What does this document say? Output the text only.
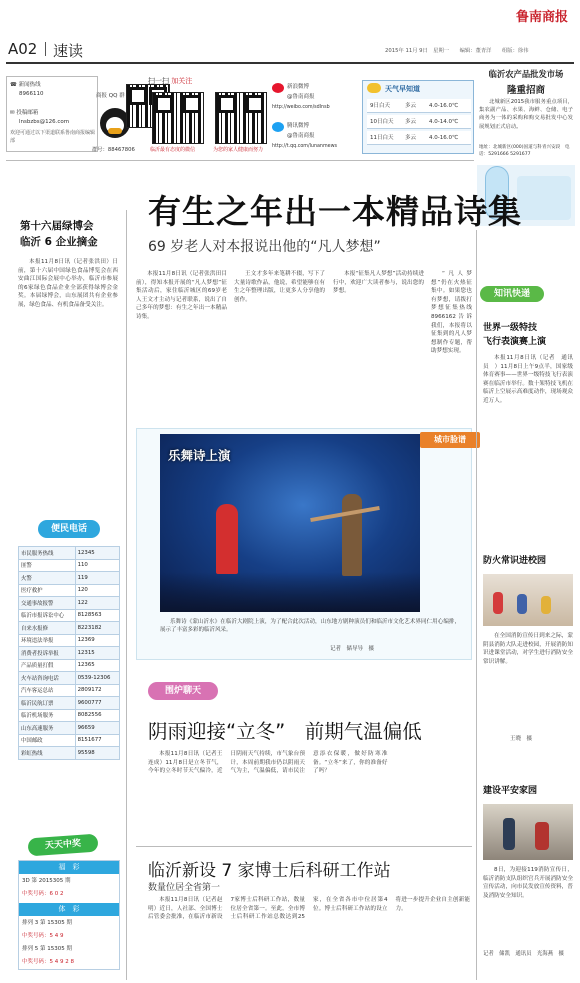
鲁南商报
A02 速读	2015年 11月 9日　星期一　　编辑：董青洋　　组版：徐伟
☎ 新闻热线
8966110
✉ 投稿邮箱
lnsbzbs@126.com
欢迎可通过以下渠道联系鲁南商报编辑部
商报 QQ 群
群号：88467806
扫一扫 加关注
临沂最有态度的微信	为您的家人健康而努力
新浪微博
@鲁南商报
http://weibo.com/sdlnsb
腾讯微博
@鲁南商报
http://t.qq.com/lunanmews
天气早知道
9日白天	多云 4.0-16.0℃
10日白天 多云 4.0-14.0℃
11日白天 多云 4.0-16.0℃
临沂农产品批发市场
隆重招商
北城新区2015我市服务重点项目，集农副产品、水果、海鲜、仓储、电子商务为一体的采购和购交易批发中心发展规划正式启动。
地址：北城新区(000)国道与科青兴安段　电话：5291666 5291677
有生之年出一本精品诗集
69 岁老人对本报说出他的“凡人梦想”
本报11月8日讯（记者张洪田目前），得知本报开展的“凡人梦想”征集活动后，家住临沂城区的69岁老人王文才主动与记者联系，说出了自己多年的梦想：有生之年出一本精品诗集。
王文才多年来笔耕不辍，写下了大量诗歌作品，他说，希望能够在有生之年整理出版，让更多人分享他的创作。
本报“征集凡人梦想”活动持续进行中，欢迎广大读者参与，说出您的梦想。
“凡人梦想”仍在火热征集中。如果您也有梦想，请拨打梦想征集热线8966162告诉我们，本报将以征集到的凡人梦想制作专题，帮助梦想实现。
第十六届绿博会
临沂 6 企业摘金
本报11月8日讯（记者张洪田）日前，第十六届中国绿色食品博览会在西安曲江国际会展中心举办，临沂市参展的6家绿色食品企业全部获得绿博会金奖。本届绿博会，山东展团共有企业参展，绿色食品、有机食品备受关注。
便民电话
市民服务热线	12345
匪警	110
火警	119
医疗救护	120
交通事故报警	122
临沂市报诉讼中心	8128563
自来水报修	8223182
环境违法举报	12369
消费者投诉举报	12315
产品质量打假	12365
火车站咨询电话	0539-12306
汽车客运总站	2809172
临沂民航订票	9600777
临沂机场服务	8082556
山东高速服务	96659
中国邮政	8151677
彩虹热线	95598
天天中奖
福　彩
3D 第 2015305 期
中奖号码：6 0 2
体　彩
排列 3 第 15305 期
中奖号码：5 4 9
排列 5 第 15305 期
中奖号码：5 4 9 2 8
城市脸谱
乐舞诗上演
乐舞诗《蒙山沂水》在临沂大剧院上演，为了配合此次活动，山东地方剧种演员们和临沂市文化艺术界同仁用心编排，展示了丰富多彩的临沂风采。
记者　储导导　摄
围炉聊天
阴雨迎接“立冬”　前期气温偏低
本报11月8日讯（记者王连成）11月8日是立冬节气，今年的立冬时节天气偏冷，近日阴雨天气持续，市气象台预计，本周前期我市仍以阴雨天气为主，气温偏低，请市民注意添衣保暖，做好防寒准备。“立冬”来了，你的准备好了吗？
临沂新设 7 家博士后科研工作站
数量位居全省第一
本报11月8日讯（记者赵明）近日，人社部、全国博士后管委会批准，在临沂市新设7家博士后科研工作站，数量位居全省第一。至此，全市博士后科研工作站总数达到25家，在全省各市中位居第4位。博士后科研工作站的设立将进一步提升企业自主创新能力。
知讯快递
世界一级特技
飞行表演赛上演
本报11月8日讯（记者　通讯员　）11月8日上午9点半，国家级体育赛事——世界一级特技飞行表演赛在临沂市举行。数十架特技飞机在临沂上空展示高难度动作，现场观众近万人。
防火常识进校园
在全国消防宣传日到来之际，蒙阴县消防大队走进校园，开展消防知识进课堂活动，对学生进行消防安全常识讲解。
王晓　摄
建设平安家园
8日，为迎接119消防宣传日，临沂消防支队组织官兵开展消防安全宣传活动，向市民发放宣传资料，普及消防安全知识。
记者　储凯　通讯员　光海燕　摄
